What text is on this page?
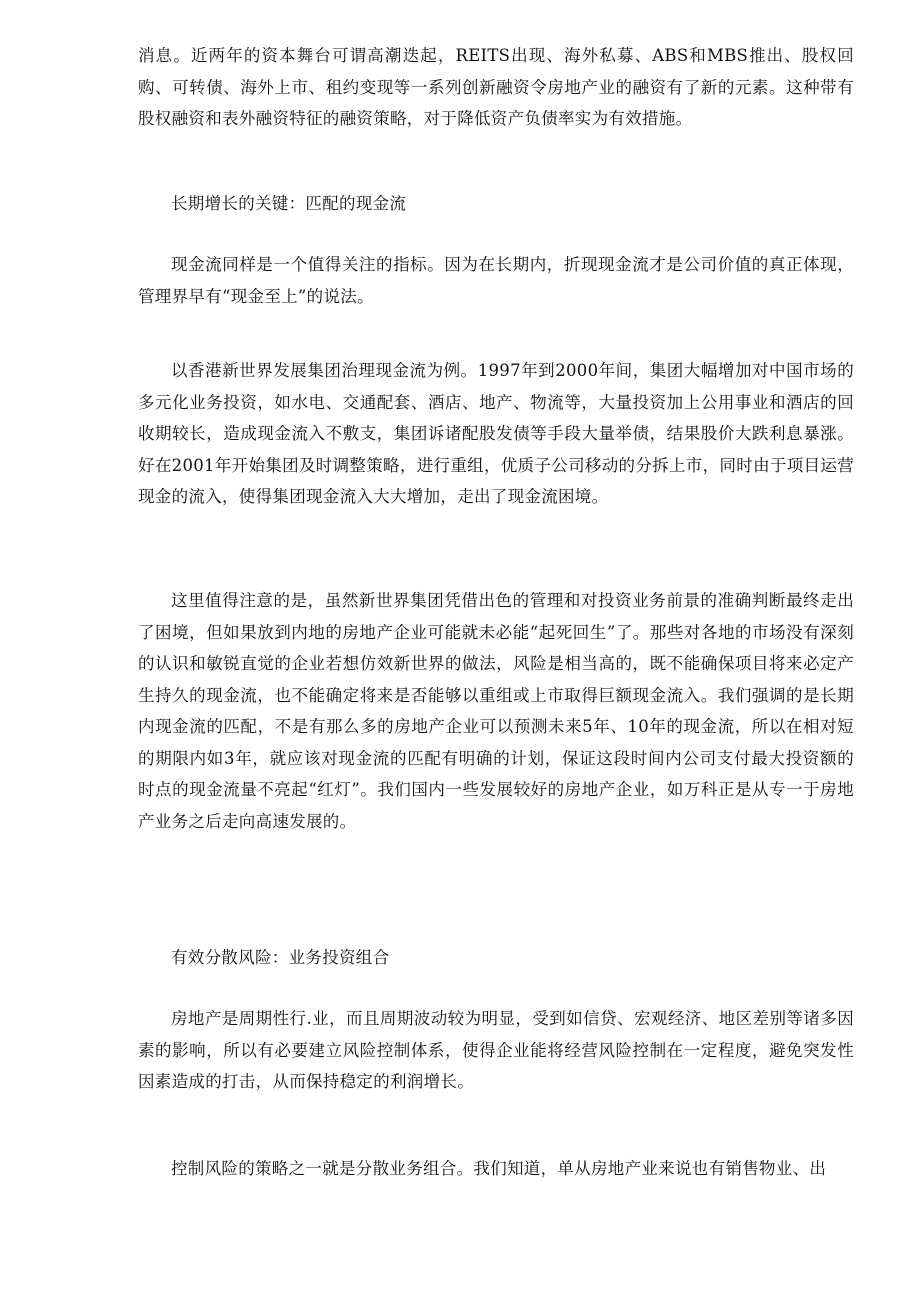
消息。近两年的资本舞台可谓高潮迭起，REITS出现、海外私募、ABS和MBS推出、股权回购、可转债、海外上市、租约变现等一系列创新融资令房地产业的融资有了新的元素。这种带有股权融资和表外融资特征的融资策略，对于降低资产负债率实为有效措施。

长期增长的关键：匹配的现金流

现金流同样是一个值得关注的指标。因为在长期内，折现现金流才是公司价值的真正体现，管理界早有“现金至上”的说法。

以香港新世界发展集团治理现金流为例。1997年到2000年间，集团大幅增加对中国市场的多元化业务投资，如水电、交通配套、酒店、地产、物流等，大量投资加上公用事业和酒店的回收期较长，造成现金流入不敷支，集团诉诸配股发债等手段大量举债，结果股价大跌利息暴涨。好在2001年开始集团及时调整策略，进行重组，优质子公司移动的分拆上市，同时由于项目运营现金的流入，使得集团现金流入大大增加，走出了现金流困境。

这里值得注意的是，虽然新世界集团凭借出色的管理和对投资业务前景的准确判断最终走出了困境，但如果放到内地的房地产企业可能就未必能“起死回生”了。那些对各地的市场没有深刻的认识和敏锐直觉的企业若想仿效新世界的做法，风险是相当高的，既不能确保项目将来必定产生持久的现金流，也不能确定将来是否能够以重组或上市取得巨额现金流入。我们强调的是长期内现金流的匹配，不是有那么多的房地产企业可以预测未来5年、10年的现金流，所以在相对短的期限内如3年，就应该对现金流的匹配有明确的计划，保证这段时间内公司支付最大投资额的时点的现金流量不亮起“红灯”。我们国内一些发展较好的房地产企业，如万科正是从专一于房地产业务之后走向高速发展的。

有效分散风险：业务投资组合

房地产是周期性行.业，而且周期波动较为明显，受到如信贷、宏观经济、地区差别等诸多因素的影响，所以有必要建立风险控制体系，使得企业能将经营风险控制在一定程度，避免突发性因素造成的打击，从而保持稳定的利润增长。

控制风险的策略之一就是分散业务组合。我们知道，单从房地产业来说也有销售物业、出
